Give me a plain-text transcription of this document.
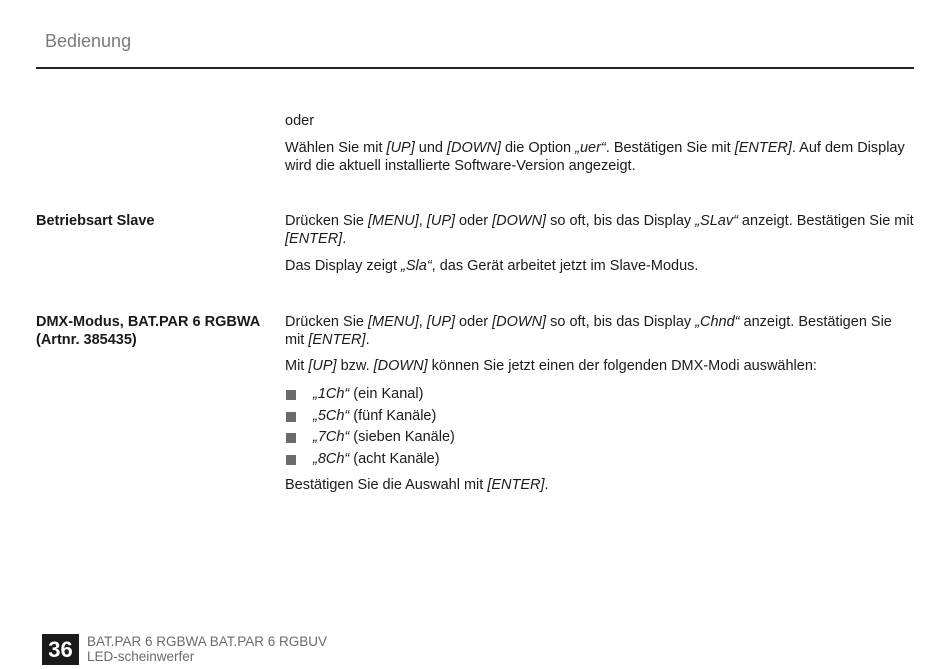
Bedienung
oder
Wählen Sie mit [UP] und [DOWN] die Option „uer“. Bestätigen Sie mit [ENTER]. Auf dem Display wird die aktuell installierte Software-Version angezeigt.
Betriebsart Slave	Drücken Sie [MENU], [UP] oder [DOWN] so oft, bis das Display „SLav“ anzeigt. Bestätigen Sie mit [ENTER].
Das Display zeigt „Sla“, das Gerät arbeitet jetzt im Slave-Modus.
DMX-Modus, BAT.PAR 6 RGBWA
(Artnr. 385435)
Drücken Sie [MENU], [UP] oder [DOWN] so oft, bis das Display „Chnd“ anzeigt. Bestätigen Sie mit [ENTER].
Mit [UP] bzw. [DOWN] können Sie jetzt einen der folgenden DMX-Modi auswählen:
„1Ch“ (ein Kanal)
„5Ch“ (fünf Kanäle)
„7Ch“ (sieben Kanäle)
„8Ch“ (acht Kanäle)
Bestätigen Sie die Auswahl mit [ENTER].
36	BAT.PAR 6 RGBWA BAT.PAR 6 RGBUV
LED-scheinwerfer
